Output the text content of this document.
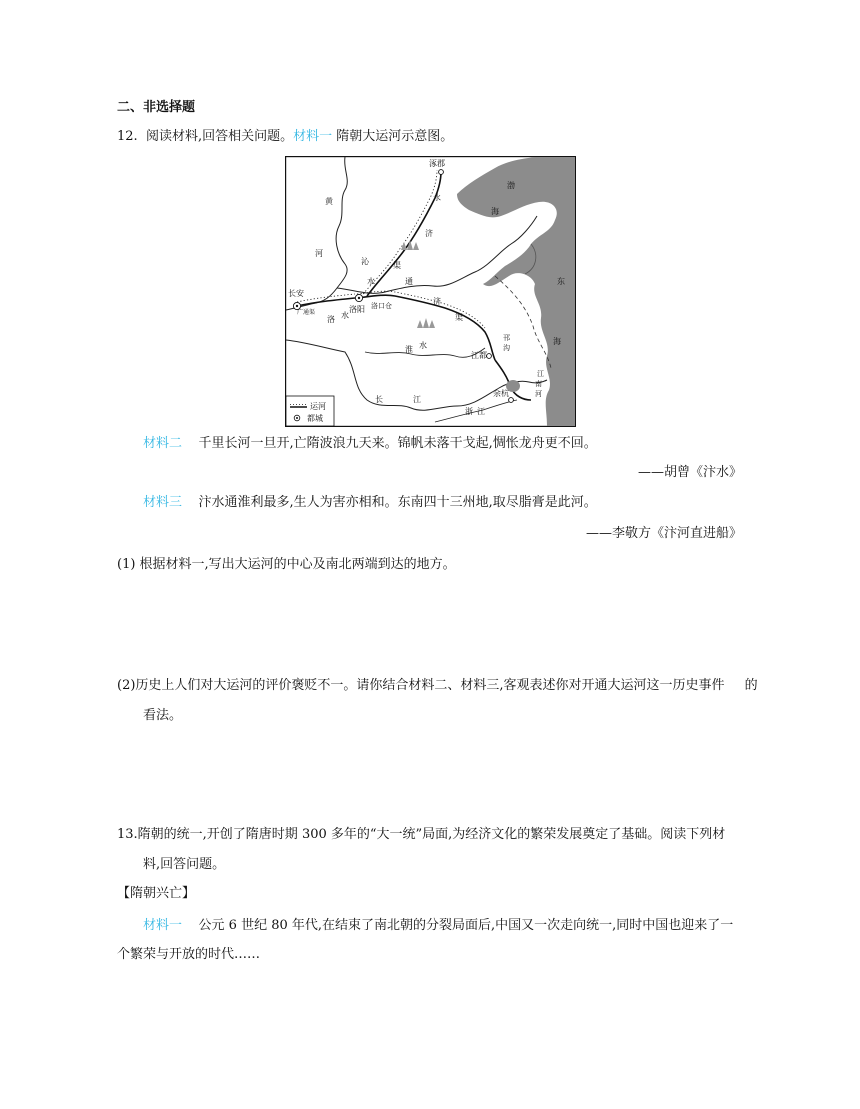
二、非选择题
12. 阅读材料,回答相关问题。材料一 隋朝大运河示意图。
涿郡
渤
海
黄
河
永
济
沁	渠
水	东
海
长安
广通渠
洛 水
洛阳 洛口仓
通
济
渠
邗
沟
淮 水
江都
江
南
河
长	江
浙 江
余杭
运河
都城
材料二 千里长河一旦开,亡隋波浪九天来。锦帆未落干戈起,惆怅龙舟更不回。
——胡曾《汴水》
材料三 汴水通淮利最多,生人为害亦相和。东南四十三州地,取尽脂膏是此河。
——李敬方《汴河直进船》
(1) 根据材料一,写出大运河的中心及南北两端到达的地方。
(2)历史上人们对大运河的评价褒贬不一。请你结合材料二、材料三,客观表述你对开通大运河这一历史事件 的
看法。
13.隋朝的统一,开创了隋唐时期 300 多年的“大一统”局面,为经济文化的繁荣发展奠定了基础。阅读下列材
料,回答问题。
【隋朝兴亡】
材料一 公元 6 世纪 80 年代,在结束了南北朝的分裂局面后,中国又一次走向统一,同时中国也迎来了一
个繁荣与开放的时代……
